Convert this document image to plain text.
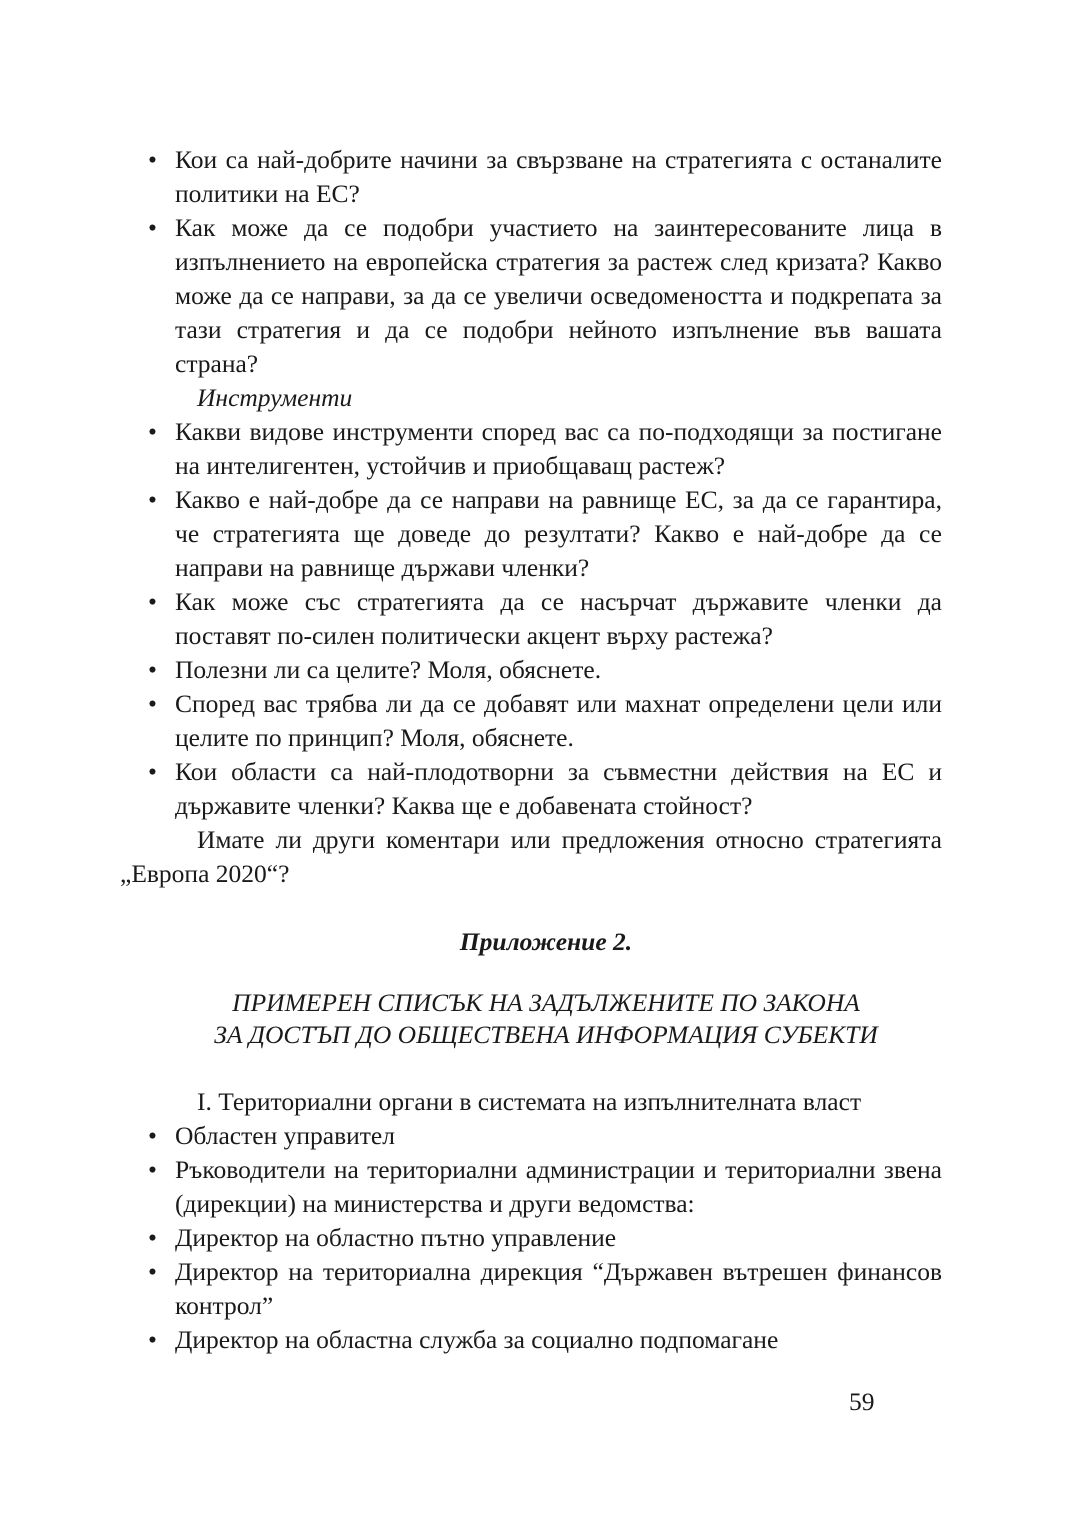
• Кои са най-добрите начини за свързване на стратегията с останалите политики на ЕС?
• Как може да се подобри участието на заинтересованите лица в изпълнението на европейска стратегия за растеж след кризата? Какво може да се направи, за да се увеличи осведомеността и подкрепата за тази стратегия и да се подобри нейното изпълнение във вашата страна?
Инструменти
• Какви видове инструменти според вас са по-подходящи за постигане на интелигентен, устойчив и приобщаващ растеж?
• Какво е най-добре да се направи на равнище ЕС, за да се гарантира, че стратегията ще доведе до резултати? Какво е най-добре да се направи на равнище държави членки?
• Как може със стратегията да се насърчат държавите членки да поставят по-силен политически акцент върху растежа?
• Полезни ли са целите? Моля, обяснете.
• Според вас трябва ли да се добавят или махнат определени цели или целите по принцип? Моля, обяснете.
• Кои области са най-плодотворни за съвместни действия на ЕС и държавите членки? Каква ще е добавената стойност?
Имате ли други коментари или предложения относно стратегията „Европа 2020“?
Приложение 2.
ПРИМЕРЕН СПИСЪК НА ЗАДЪЛЖЕНИТЕ ПО ЗАКОНА
ЗА ДОСТЪП ДО ОБЩЕСТВЕНА ИНФОРМАЦИЯ СУБЕКТИ
I. Териториални органи в системата на изпълнителната власт
• Областен управител
• Ръководители на териториални администрации и териториални звена (дирекции) на министерства и други ведомства:
• Директор на областно пътно управление
• Директор на териториална дирекция “Държавен вътрешен финансов контрол”
• Директор на областна служба за социално подпомагане
59
